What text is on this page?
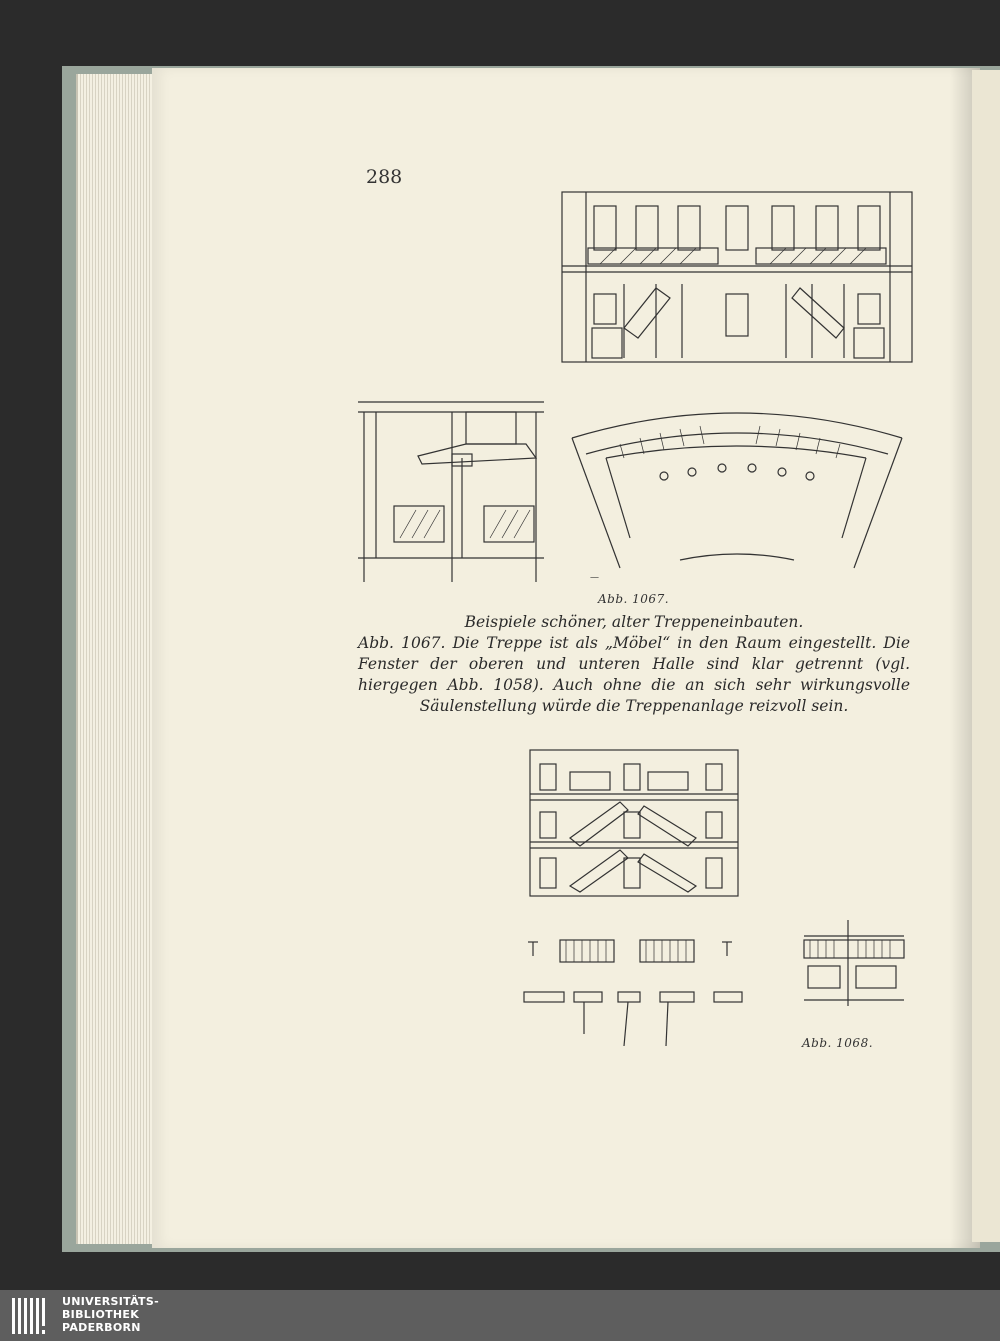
288
—
Abb. 1067.

Beispiele schöner, alter Treppeneinbauten.

Abb. 1067. Die Treppe ist als „Möbel“ in den Raum eingestellt. Die Fenster der oberen und unteren Halle sind klar getrennt (vgl. hiergegen Abb. 1058). Auch ohne die an sich sehr wirkungsvolle Säulenstellung würde die Treppenanlage reizvoll sein.

Abb. 1068.
UNIVERSITÄTS-
BIBLIOTHEK
PADERBORN
